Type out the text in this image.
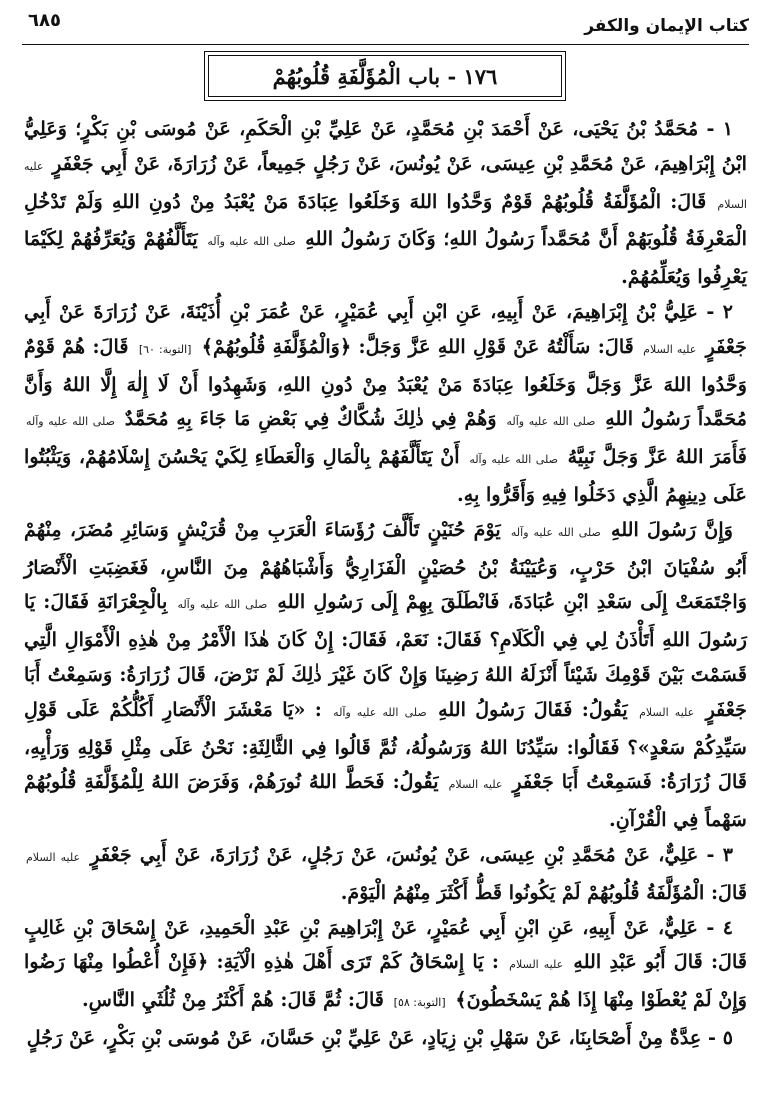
كتاب الإيمان والكفر
٦٨٥
١٧٦ - باب الْمُؤَلَّفَةِ قُلُوبُهُمْ

١ - مُحَمَّدُ بْنُ يَحْيَى، عَنْ أَحْمَدَ بْنِ مُحَمَّدٍ، عَنْ عَلِيِّ بْنِ الْحَكَمِ، عَنْ مُوسَى بْنِ بَكْرٍ؛ وَعَلِيُّ ابْنُ إِبْرَاهِيمَ، عَنْ مُحَمَّدِ بْنِ عِيسَى، عَنْ يُونُسَ، عَنْ رَجُلٍ جَمِيعاً، عَنْ زُرَارَةَ، عَنْ أَبِي جَعْفَرٍ عليه السلام قَالَ: الْمُؤَلَّفَةُ قُلُوبُهُمْ قَوْمٌ وَحَّدُوا اللهَ وَخَلَعُوا عِبَادَةَ مَنْ يُعْبَدُ مِنْ دُونِ اللهِ وَلَمْ تَدْخُلِ الْمَعْرِفَةُ قُلُوبَهُمْ أَنَّ مُحَمَّداً رَسُولُ اللهِ؛ وَكَانَ رَسُولُ اللهِ صلى الله عليه وآله يَتَأَلَّفُهُمْ وَيُعَرِّفُهُمْ لِكَيْمَا يَعْرِفُوا وَيُعَلِّمُهُمْ.

٢ - عَلِيُّ بْنُ إِبْرَاهِيمَ، عَنْ أَبِيهِ، عَنِ ابْنِ أَبِي عُمَيْرٍ، عَنْ عُمَرَ بْنِ أُذَيْنَةَ، عَنْ زُرَارَةَ عَنْ أَبِي جَعْفَرٍ عليه السلام قَالَ: سَأَلْتُهُ عَنْ قَوْلِ اللهِ عَزَّ وَجَلَّ: ﴿وَالْمُؤَلَّفَةِ قُلُوبُهُمْ﴾ [التوبة: ٦٠] قَالَ: هُمْ قَوْمٌ وَحَّدُوا اللهَ عَزَّ وَجَلَّ وَخَلَعُوا عِبَادَةَ مَنْ يُعْبَدُ مِنْ دُونِ اللهِ، وَشَهِدُوا أَنْ لَا إِلٰهَ إِلَّا اللهُ وَأَنَّ مُحَمَّداً رَسُولُ اللهِ صلى الله عليه وآله وَهُمْ فِي ذٰلِكَ شُكَّاكٌ فِي بَعْضِ مَا جَاءَ بِهِ مُحَمَّدٌ صلى الله عليه وآله فَأَمَرَ اللهُ عَزَّ وَجَلَّ نَبِيَّهُ صلى الله عليه وآله أَنْ يَتَأَلَّفَهُمْ بِالْمَالِ وَالْعَطَاءِ لِكَيْ يَحْسُنَ إِسْلَامُهُمْ، وَيَثْبُتُوا عَلَى دِينِهِمُ الَّذِي دَخَلُوا فِيهِ وَأَقَرُّوا بِهِ.

وَإِنَّ رَسُولَ اللهِ صلى الله عليه وآله يَوْمَ حُنَيْنٍ تَأَلَّفَ رُؤَسَاءَ الْعَرَبِ مِنْ قُرَيْشٍ وَسَائِرِ مُضَرَ، مِنْهُمْ أَبُو سُفْيَانَ ابْنُ حَرْبٍ، وَعُيَيْنَةُ بْنُ حُصَيْنٍ الْفَزَارِيُّ وَأَشْبَاهُهُمْ مِنَ النَّاسِ، فَغَضِبَتِ الْأَنْصَارُ وَاجْتَمَعَتْ إِلَى سَعْدِ ابْنِ عُبَادَةَ، فَانْطَلَقَ بِهِمْ إِلَى رَسُولِ اللهِ صلى الله عليه وآله بِالْجِعْرَانَةِ فَقَالَ: يَا رَسُولَ اللهِ أَتَأْذَنُ لِي فِي الْكَلَامِ؟ فَقَالَ: نَعَمْ، فَقَالَ: إِنْ كَانَ هٰذَا الْأَمْرُ مِنْ هٰذِهِ الْأَمْوَالِ الَّتِي قَسَمْتَ بَيْنَ قَوْمِكَ شَيْئاً أَنْزَلَهُ اللهُ رَضِينَا وَإِنْ كَانَ غَيْرَ ذٰلِكَ لَمْ نَرْضَ، قَالَ زُرَارَةُ: وَسَمِعْتُ أَبَا جَعْفَرٍ عليه السلام يَقُولُ: فَقَالَ رَسُولُ اللهِ صلى الله عليه وآله : «يَا مَعْشَرَ الْأَنْصَارِ أَكُلُّكُمْ عَلَى قَوْلِ سَيِّدِكُمْ سَعْدٍ»؟ فَقَالُوا: سَيِّدُنَا اللهُ وَرَسُولُهُ، ثُمَّ قَالُوا فِي الثَّالِثَةِ: نَحْنُ عَلَى مِثْلِ قَوْلِهِ وَرَأْيِهِ، قَالَ زُرَارَةُ: فَسَمِعْتُ أَبَا جَعْفَرٍ عليه السلام يَقُولُ: فَحَطَّ اللهُ نُورَهُمْ، وَفَرَضَ اللهُ لِلْمُؤَلَّفَةِ قُلُوبُهُمْ سَهْماً فِي الْقُرْآنِ.

٣ - عَلِيٌّ، عَنْ مُحَمَّدِ بْنِ عِيسَى، عَنْ يُونُسَ، عَنْ رَجُلٍ، عَنْ زُرَارَةَ، عَنْ أَبِي جَعْفَرٍ عليه السلام قَالَ: الْمُؤَلَّفَةُ قُلُوبُهُمْ لَمْ يَكُونُوا قَطُّ أَكْثَرَ مِنْهُمُ الْيَوْمَ.

٤ - عَلِيٌّ، عَنْ أَبِيهِ، عَنِ ابْنِ أَبِي عُمَيْرٍ، عَنْ إِبْرَاهِيمَ بْنِ عَبْدِ الْحَمِيدِ، عَنْ إِسْحَاقَ بْنِ غَالِبٍ قَالَ: قَالَ أَبُو عَبْدِ اللهِ عليه السلام : يَا إِسْحَاقُ كَمْ تَرَى أَهْلَ هٰذِهِ الْآيَةِ: ﴿فَإِنْ أُعْطُوا مِنْهَا رَضُوا وَإِنْ لَمْ يُعْطَوْا مِنْهَا إِذَا هُمْ يَسْخَطُونَ﴾ [التوبة: ٥٨] قَالَ: ثُمَّ قَالَ: هُمْ أَكْثَرُ مِنْ ثُلُثَيِ النَّاسِ.

٥ - عِدَّةٌ مِنْ أَصْحَابِنَا، عَنْ سَهْلِ بْنِ زِيَادٍ، عَنْ عَلِيِّ بْنِ حَسَّانَ، عَنْ مُوسَى بْنِ بَكْرٍ، عَنْ رَجُلٍ
